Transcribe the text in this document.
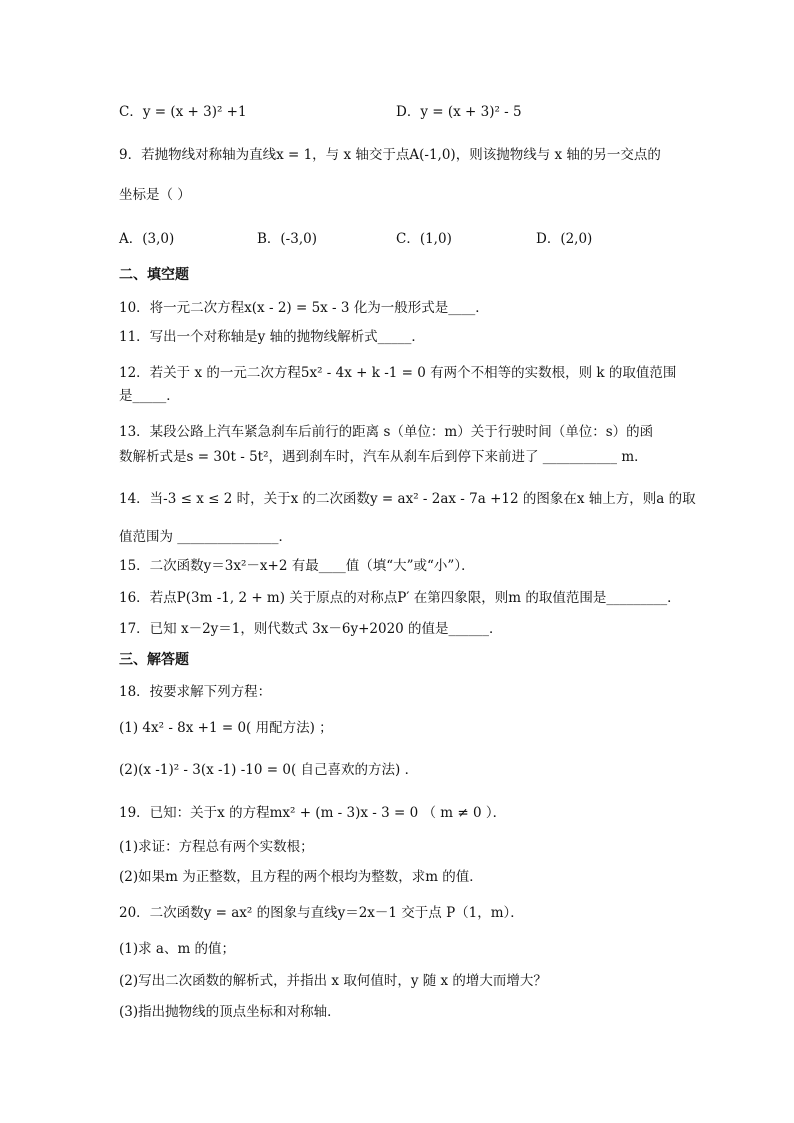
C．y = (x + 3)² +1	D．y = (x + 3)² - 5
9．若抛物线对称轴为直线x = 1，与 x 轴交于点A(-1,0)，则该抛物线与 x 轴的另一交点的
坐标是（ ）
A．(3,0)	B．(-3,0)	C．(1,0)	D．(2,0)
二、填空题
10．将一元二次方程x(x - 2) = 5x - 3 化为一般形式是____．
11．写出一个对称轴是y 轴的抛物线解析式_____．
12．若关于 x 的一元二次方程5x² - 4x + k -1 = 0 有两个不相等的实数根，则 k 的取值范围
是_____．
13．某段公路上汽车紧急刹车后前行的距离 s（单位：m）关于行驶时间（单位：s）的函
数解析式是s = 30t - 5t²，遇到刹车时，汽车从刹车后到停下来前进了 ___________ m．
14．当-3 ≤ x ≤ 2 时，关于x 的二次函数y = ax² - 2ax - 7a +12 的图象在x 轴上方，则a 的取
值范围为 _______________．
15．二次函数y＝3x²－x+2 有最____值（填“大”或“小”）．
16．若点P(3m -1, 2 + m) 关于原点的对称点P′ 在第四象限，则m 的取值范围是_________．
17．已知 x－2y＝1，则代数式 3x－6y+2020 的值是______．
三、解答题
18．按要求解下列方程：
(1) 4x² - 8x +1 = 0( 用配方法) ；
(2)(x -1)² - 3(x -1) -10 = 0( 自己喜欢的方法) ．
19．已知：关于x 的方程mx² + (m - 3)x - 3 = 0 （ m ≠ 0 ）．
(1)求证：方程总有两个实数根；
(2)如果m 为正整数，且方程的两个根均为整数，求m 的值．
20．二次函数y = ax² 的图象与直线y＝2x－1 交于点 P（1，m）．
(1)求 a、m 的值；
(2)写出二次函数的解析式，并指出 x 取何值时，y 随 x 的增大而增大？
(3)指出抛物线的顶点坐标和对称轴．
